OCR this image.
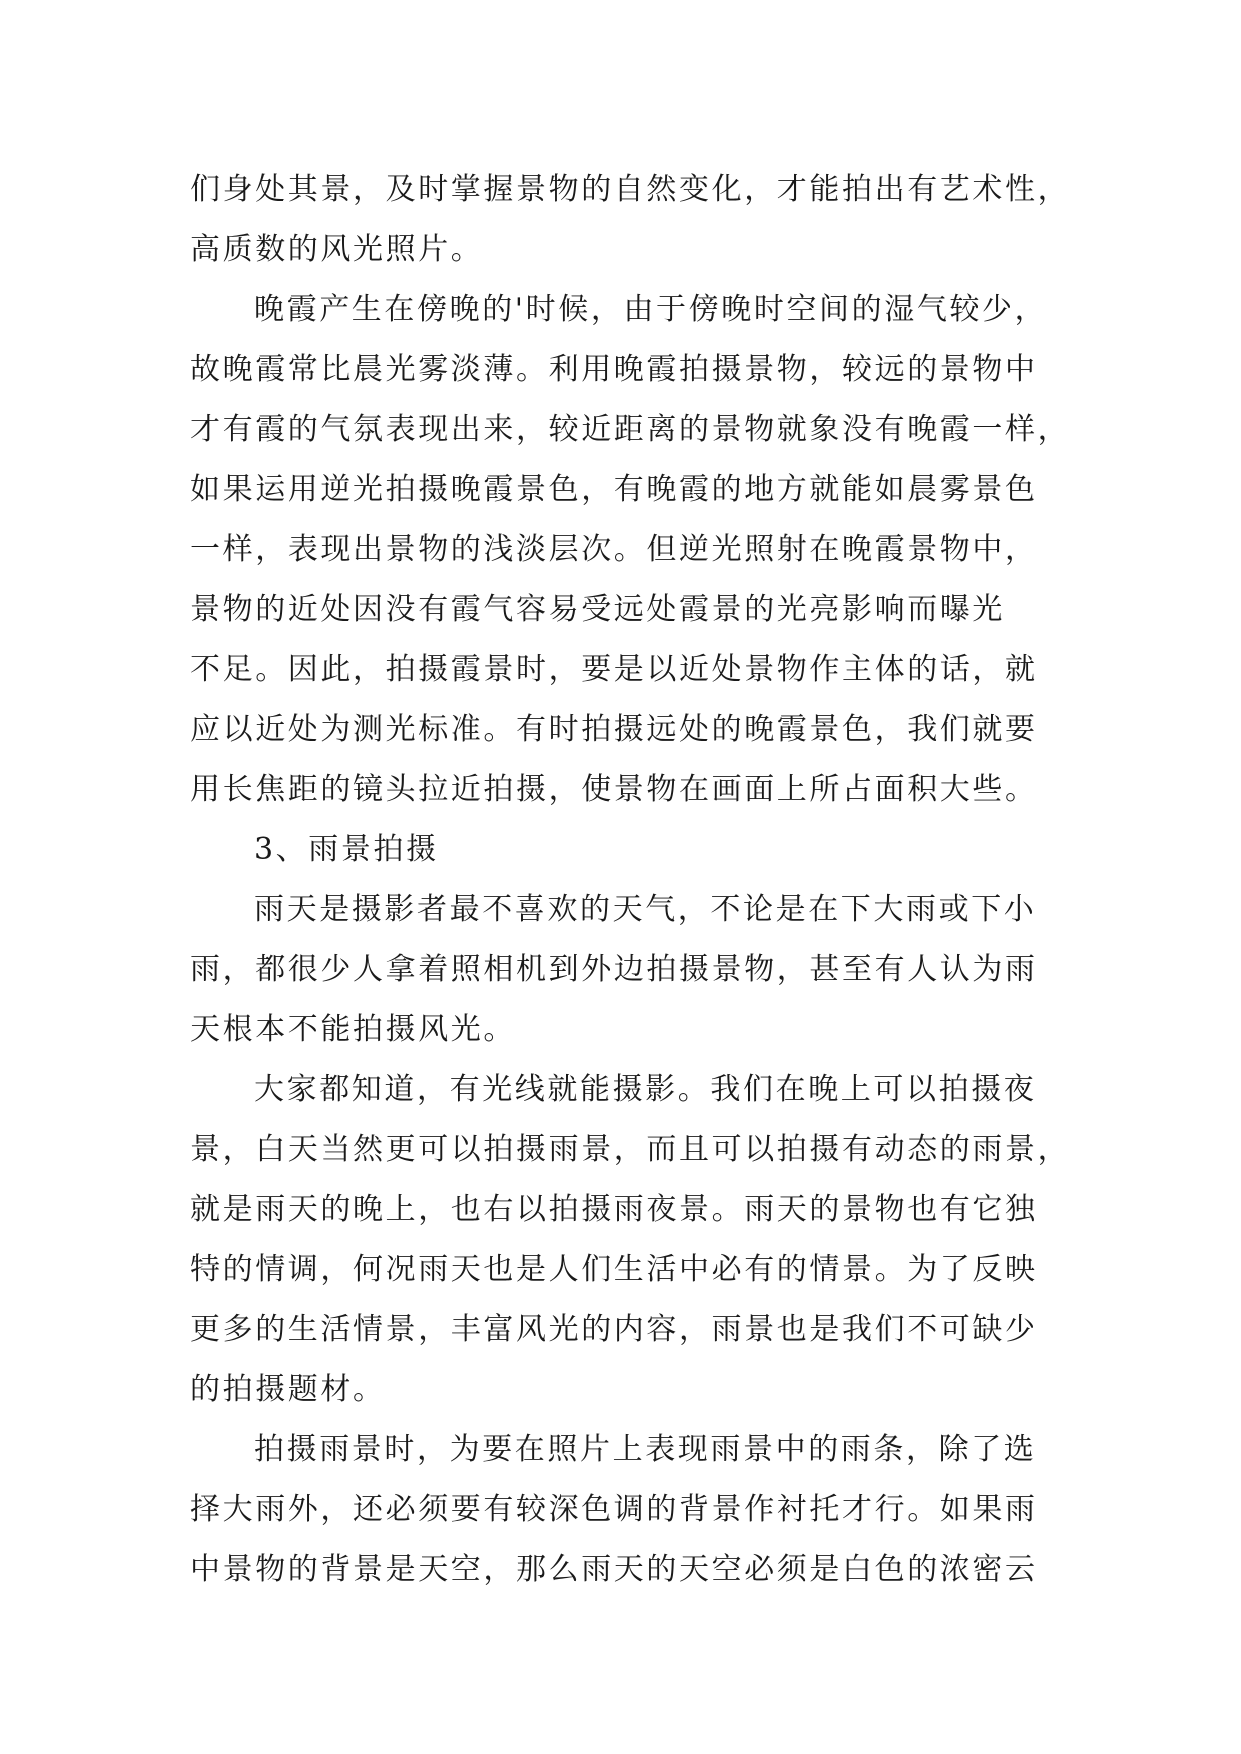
们身处其景，及时掌握景物的自然变化，才能拍出有艺术性，
高质数的风光照片。
晚霞产生在傍晚的'时候，由于傍晚时空间的湿气较少，
故晚霞常比晨光雾淡薄。利用晚霞拍摄景物，较远的景物中
才有霞的气氛表现出来，较近距离的景物就象没有晚霞一样，
如果运用逆光拍摄晚霞景色，有晚霞的地方就能如晨雾景色
一样，表现出景物的浅淡层次。但逆光照射在晚霞景物中，
景物的近处因没有霞气容易受远处霞景的光亮影响而曝光
不足。因此，拍摄霞景时，要是以近处景物作主体的话，就
应以近处为测光标准。有时拍摄远处的晚霞景色，我们就要
用长焦距的镜头拉近拍摄，使景物在画面上所占面积大些。
3、雨景拍摄
雨天是摄影者最不喜欢的天气，不论是在下大雨或下小
雨，都很少人拿着照相机到外边拍摄景物，甚至有人认为雨
天根本不能拍摄风光。
大家都知道，有光线就能摄影。我们在晚上可以拍摄夜
景，白天当然更可以拍摄雨景，而且可以拍摄有动态的雨景，
就是雨天的晚上，也右以拍摄雨夜景。雨天的景物也有它独
特的情调，何况雨天也是人们生活中必有的情景。为了反映
更多的生活情景，丰富风光的内容，雨景也是我们不可缺少
的拍摄题材。
拍摄雨景时，为要在照片上表现雨景中的雨条，除了选
择大雨外，还必须要有较深色调的背景作衬托才行。如果雨
中景物的背景是天空，那么雨天的天空必须是白色的浓密云
